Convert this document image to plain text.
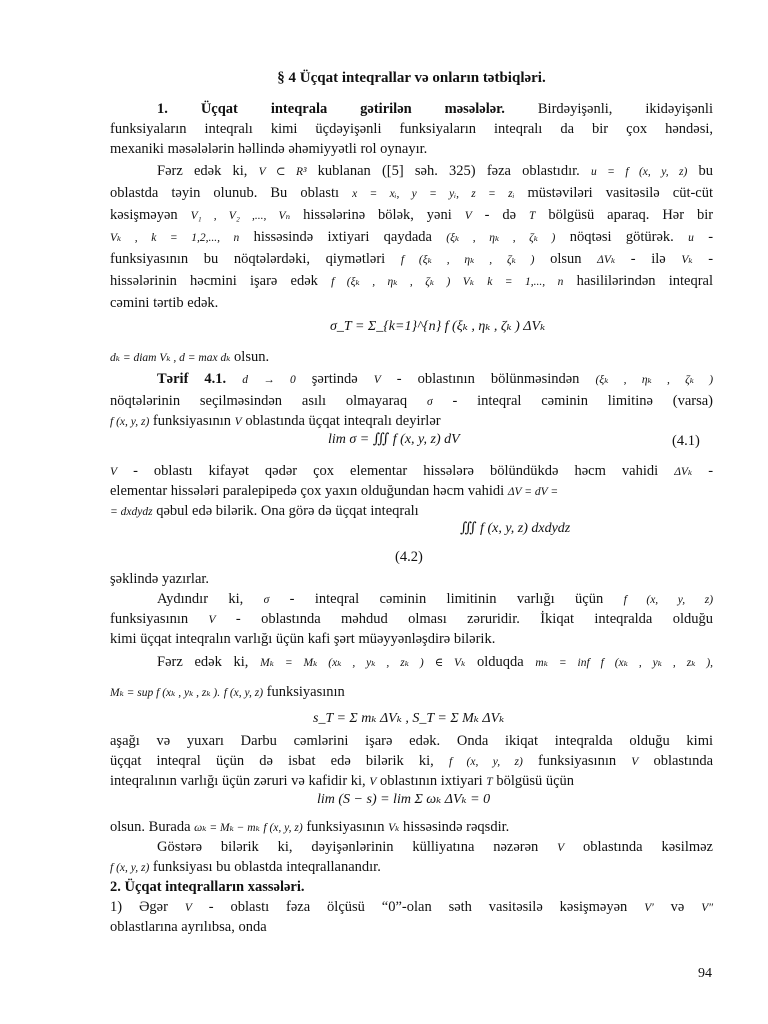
§ 4 Üçqat inteqrallar və onların tətbiqləri.
1. Üçqat inteqrala gətirilən məsələlər. Birdəyişənli, ikidəyişənli
funksiyaların inteqralı kimi üçdəyişənli funksiyaların inteqralı da bir çox həndəsi,
mexaniki məsələlərin həllində əhəmiyyətli rol oynayır.
Fərz edək ki, V ⊂ R³ kublanan ([5] səh. 325) fəza oblastıdır. u = f (x, y, z) bu
oblastda təyin olunub. Bu oblastı x = xᵢ, y = yᵢ, z = zᵢ müstəviləri vasitəsilə cüt-cüt
kəsişməyən V₁ , V₂ ,..., Vₙ hissələrinə bölək, yəni V - də T bölgüsü aparaq. Hər bir
Vₖ , k = 1,2,..., n hissəsində ixtiyari qaydada (ξₖ , ηₖ , ζₖ ) nöqtəsi götürək. u -
funksiyasının bu nöqtələrdəki, qiymətləri f (ξₖ , ηₖ , ζₖ ) olsun ΔVₖ - ilə Vₖ -
hissələrinin həcmini işarə edək f (ξₖ , ηₖ , ζₖ ) Vₖ k = 1,..., n hasililərindən inteqral
cəmini tərtib edək.
σ_T = Σ_{k=1}^{n} f (ξₖ , ηₖ , ζₖ ) ΔVₖ
dₖ = diam Vₖ , d = max dₖ olsun.
Tərif 4.1. d → 0 şərtində V - oblastının bölünməsindən (ξₖ , ηₖ , ζₖ )
nöqtələrinin seçilməsindən asılı olmayaraq σ - inteqral cəminin limitinə (varsa)
f (x, y, z) funksiyasının V oblastında üçqat inteqralı deyirlər
lim σ = ∭ f (x, y, z) dV	(4.1)
V - oblastı kifayət qədər çox elementar hissələrə bölündükdə həcm vahidi ΔVₖ -
elementar hissələri paralepipedə çox yaxın olduğundan həcm vahidi ΔV = dV =
= dxdydz qəbul edə bilərik. Ona görə də üçqat inteqralı
∭ f (x, y, z) dxdydz
(4.2)
şəklində yazırlar.
Aydındır ki, σ - inteqral cəminin limitinin varlığı üçün f (x, y, z)
funksiyasının V - oblastında məhdud olması zəruridir. İkiqat inteqralda olduğu
kimi üçqat inteqralın varlığı üçün kafi şərt müəyyənləşdirə bilərik.
Fərz edək ki, Mₖ = Mₖ (xₖ , yₖ , zₖ ) ∈ Vₖ olduqda mₖ = inf f (xₖ , yₖ , zₖ ),
Mₖ = sup f (xₖ , yₖ , zₖ ). f (x, y, z) funksiyasının
s_T = Σ mₖ ΔVₖ , S_T = Σ Mₖ ΔVₖ
aşağı və yuxarı Darbu cəmlərini işarə edək. Onda ikiqat inteqralda olduğu kimi
üçqat inteqral üçün də isbat edə bilərik ki, f (x, y, z) funksiyasının V oblastında
inteqralının varlığı üçün zəruri və kafidir ki, V oblastının ixtiyari T bölgüsü üçün
lim (S − s) = lim Σ ωₖ ΔVₖ = 0
olsun. Burada ωₖ = Mₖ − mₖ f (x, y, z) funksiyasının Vₖ hissəsində rəqsdir.
Göstərə bilərik ki, dəyişənlərinin külliyatına nəzərən V oblastında kəsilməz
f (x, y, z) funksiyası bu oblastda inteqrallanandır.
2. Üçqat inteqralların xassələri.
1) Əgər V - oblastı fəza ölçüsü “0”-olan səth vasitəsilə kəsişməyən V′ və V″
oblastlarına ayrılıbsa, onda
94
